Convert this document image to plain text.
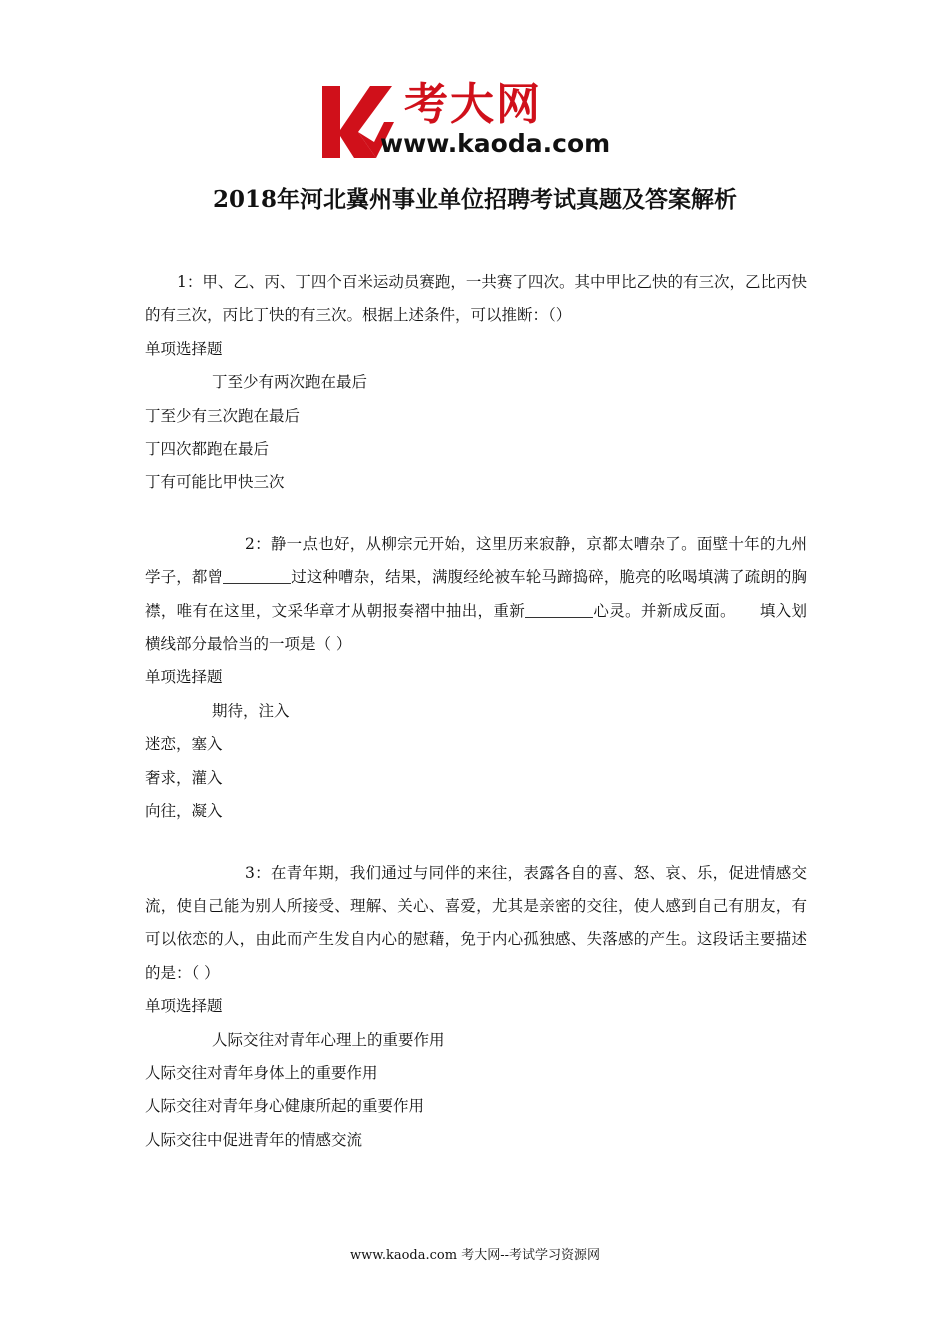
考大网
www.kaoda.com
2018年河北冀州事业单位招聘考试真题及答案解析

1：甲、乙、丙、丁四个百米运动员赛跑，一共赛了四次。其中甲比乙快的有三次，乙比丙快的有三次，丙比丁快的有三次。根据上述条件，可以推断：（）

单项选择题

丁至少有两次跑在最后

丁至少有三次跑在最后

丁四次都跑在最后

丁有可能比甲快三次

2：静一点也好，从柳宗元开始，这里历来寂静，京都太嘈杂了。面壁十年的九州学子，都曾	过这种嘈杂，结果，满腹经纶被车轮马蹄捣碎，脆亮的吆喝填满了疏朗的胸襟，唯有在这里，文采华章才从朝报奏褶中抽出，重新	心灵。并新成反面。　　填入划横线部分最恰当的一项是（ ）

单项选择题

期待，注入

迷恋，塞入

奢求，灌入

向往，凝入

3：在青年期，我们通过与同伴的来往，表露各自的喜、怒、哀、乐，促进情感交流，使自己能为别人所接受、理解、关心、喜爱，尤其是亲密的交往，使人感到自己有朋友，有可以依恋的人，由此而产生发自内心的慰藉，免于内心孤独感、失落感的产生。这段话主要描述的是：（ ）

单项选择题

人际交往对青年心理上的重要作用

人际交往对青年身体上的重要作用

人际交往对青年身心健康所起的重要作用

人际交往中促进青年的情感交流

www.kaoda.com 考大网--考试学习资源网
